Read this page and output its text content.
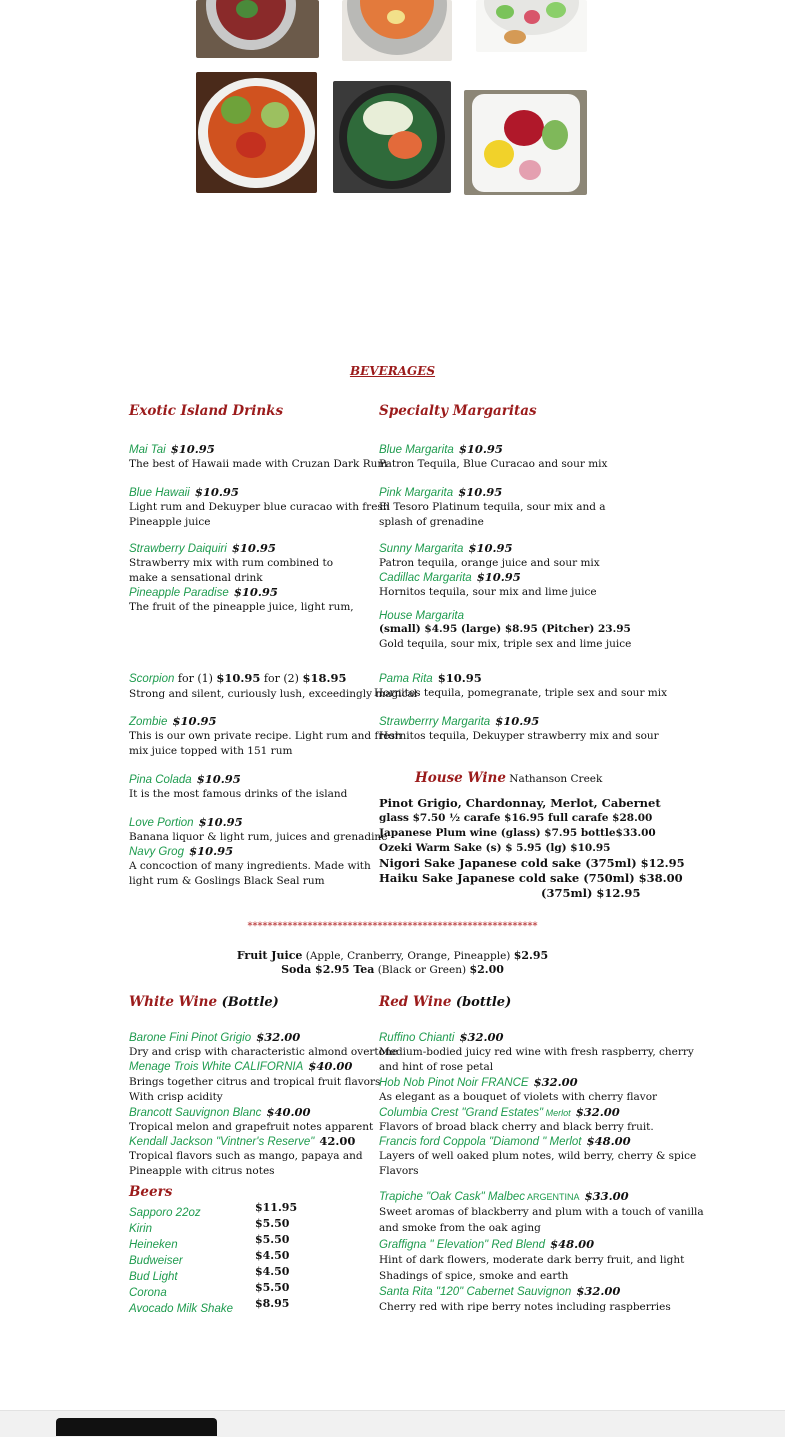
BEVERAGES
Exotic Island Drinks	Specialty Margaritas
Mai Tai $10.95
The best of Hawaii made with Cruzan Dark Rum
Blue Hawaii $10.95
Light rum and Dekuyper blue curacao with fresh
Pineapple juice
Strawberry Daiquiri $10.95
Strawberry mix with rum combined to
make a sensational drink
Pineapple Paradise $10.95
The fruit of the pineapple juice, light rum,
Scorpion for (1) $10.95 for (2) $18.95
Strong and silent, curiously lush, exceedingly magical
Zombie $10.95
This is our own private recipe. Light rum and fresh
mix juice topped with 151 rum
Pina Colada $10.95
It is the most famous drinks of the island
Love Portion $10.95
Banana liquor & light rum, juices and grenadine
Navy Grog $10.95
A concoction of many ingredients. Made with
light rum & Goslings Black Seal rum
Blue Margarita $10.95
Patron Tequila, Blue Curacao and sour mix
Pink Margarita $10.95
El Tesoro Platinum tequila, sour mix and a
splash of grenadine
Sunny Margarita $10.95
Patron tequila, orange juice and sour mix
Cadillac Margarita $10.95
Hornitos tequila, sour mix and lime juice
House Margarita
(small) $4.95 (large) $8.95 (Pitcher) 23.95
Gold tequila, sour mix, triple sex and lime juice
Pama Rita $10.95
Hornitos tequila, pomegranate, triple sex and sour mix
Strawberrry Margarita $10.95
Hornitos tequila, Dekuyper strawberry mix and sour
House Wine Nathanson Creek
Pinot Grigio, Chardonnay, Merlot, Cabernet
glass $7.50 ½ carafe $16.95 full carafe $28.00
Japanese Plum wine (glass) $7.95 bottle$33.00
Ozeki Warm Sake (s) $ 5.95 (lg) $10.95
Nigori Sake Japanese cold sake (375ml) $12.95
Haiku Sake Japanese cold sake (750ml) $38.00
(375ml) $12.95
**********************************************************
Fruit Juice (Apple, Cranberry, Orange, Pineapple) $2.95
Soda $2.95 Tea (Black or Green) $2.00
White Wine (Bottle)	Red Wine (bottle)
Barone Fini Pinot Grigio $32.00
Dry and crisp with characteristic almond overtone
Menage Trois White CALIFORNIA $40.00
Brings together citrus and tropical fruit flavors
With crisp acidity
Brancott Sauvignon Blanc $40.00
Tropical melon and grapefruit notes apparent
Kendall Jackson "Vintner's Reserve" 42.00
Tropical flavors such as mango, papaya and
Pineapple with citrus notes
Beers
Sapporo 22oz	$11.95
Kirin	$5.50
Heineken	$5.50
Budweiser	$4.50
Bud Light	$4.50
Corona	$5.50
Avocado Milk Shake $8.95
Ruffino Chianti $32.00
Medium-bodied juicy red wine with fresh raspberry, cherry
and hint of rose petal
Hob Nob Pinot Noir FRANCE $32.00
As elegant as a bouquet of violets with cherry flavor
Columbia Crest "Grand Estates" Merlot $32.00
Flavors of broad black cherry and black berry fruit.
Francis ford Coppola "Diamond " Merlot $48.00
Layers of well oaked plum notes, wild berry, cherry & spice
Flavors
Trapiche "Oak Cask" Malbec ARGENTINA $33.00
Sweet aromas of blackberry and plum with a touch of vanilla
and smoke from the oak aging
Graffigna " Elevation" Red Blend $48.00
Hint of dark flowers, moderate dark berry fruit, and light
Shadings of spice, smoke and earth
Santa Rita "120" Cabernet Sauvignon $32.00
Cherry red with ripe berry notes including raspberries
